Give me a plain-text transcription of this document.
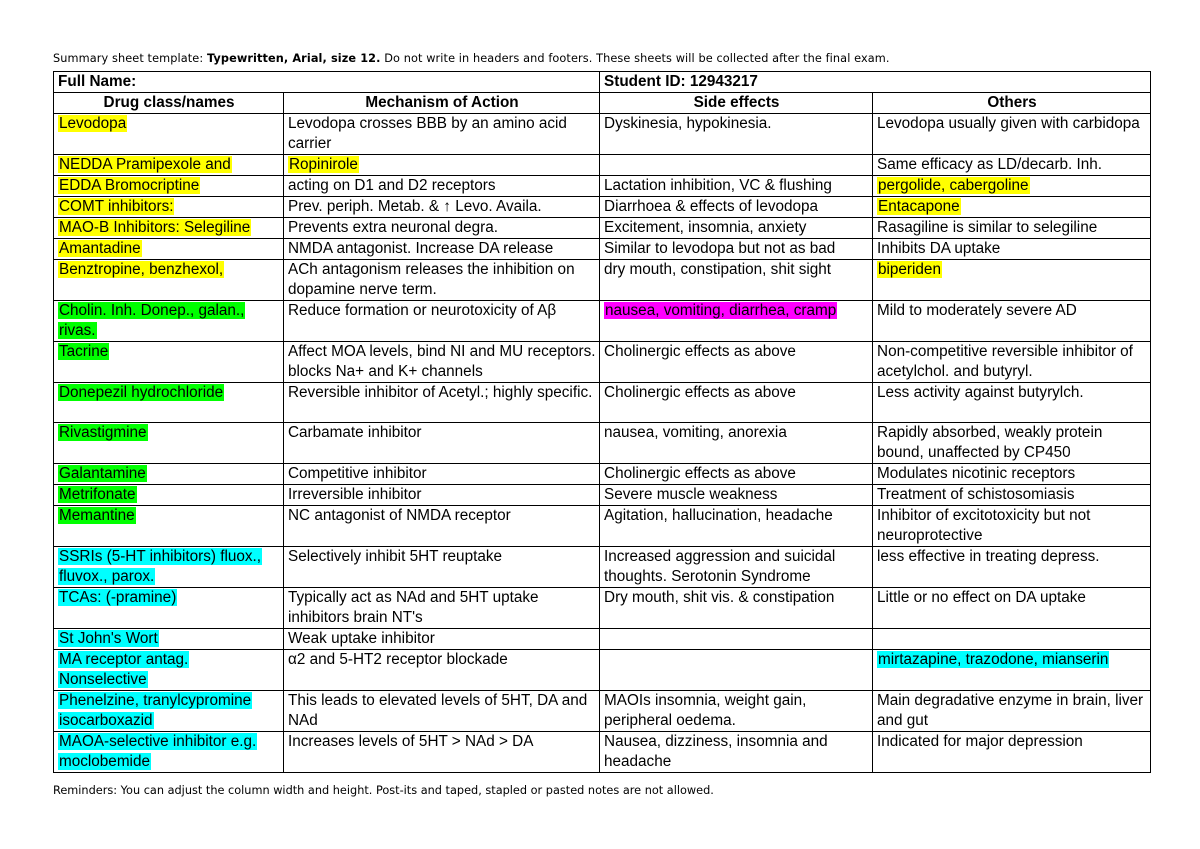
Summary sheet template: Typewritten, Arial, size 12. Do not write in headers and footers. These sheets will be collected after the final exam.
Full Name:		Student ID: 12943217	
Drug class/names	Mechanism of Action	Side effects	Others
Levodopa	Levodopa crosses BBB by an amino acid carrier	Dyskinesia, hypokinesia.	Levodopa usually given with carbidopa
NEDDA Pramipexole and	Ropinirole		Same efficacy as LD/decarb. Inh.
EDDA Bromocriptine	acting on D1 and D2 receptors	Lactation inhibition, VC & flushing	pergolide, cabergoline
COMT inhibitors:	Prev. periph. Metab. & ↑ Levo. Availa.	Diarrhoea & effects of levodopa	Entacapone
MAO-B Inhibitors: Selegiline	Prevents extra neuronal degra.	Excitement, insomnia, anxiety	Rasagiline is similar to selegiline
Amantadine	NMDA antagonist. Increase DA release	Similar to levodopa but not as bad	Inhibits DA uptake
Benztropine, benzhexol,	ACh antagonism releases the inhibition on dopamine nerve term.	dry mouth, constipation, shit sight	biperiden
Cholin. Inh. Donep., galan., rivas.	Reduce formation or neurotoxicity of Aβ	nausea, vomiting, diarrhea, cramp	Mild to moderately severe AD
Tacrine	Affect MOA levels, bind NI and MU receptors. blocks Na+ and K+ channels	Cholinergic effects as above	Non-competitive reversible inhibitor of acetylchol. and butyryl.
Donepezil hydrochloride	Reversible inhibitor of Acetyl.; highly specific.	Cholinergic effects as above	Less activity against butyrylch.
Rivastigmine	Carbamate inhibitor	nausea, vomiting, anorexia	Rapidly absorbed, weakly protein bound, unaffected by CP450
Galantamine	Competitive inhibitor	Cholinergic effects as above	Modulates nicotinic receptors
Metrifonate	Irreversible inhibitor	Severe muscle weakness	Treatment of schistosomiasis
Memantine	NC antagonist of NMDA receptor	Agitation, hallucination, headache	Inhibitor of excitotoxicity but not neuroprotective
SSRIs (5-HT inhibitors) fluox., fluvox., parox.	Selectively inhibit 5HT reuptake	Increased aggression and suicidal thoughts. Serotonin Syndrome	less effective in treating depress.
TCAs: (-pramine)	Typically act as NAd and 5HT uptake inhibitors brain NT's	Dry mouth, shit vis. & constipation	Little or no effect on DA uptake
St John's Wort	Weak uptake inhibitor		
MA receptor antag. Nonselective	α2 and 5-HT2 receptor blockade		mirtazapine, trazodone, mianserin
Phenelzine, tranylcypromine isocarboxazid	This leads to elevated levels of 5HT, DA and NAd	MAOIs insomnia, weight gain, peripheral oedema.	Main degradative enzyme in brain, liver and gut
MAOA-selective inhibitor e.g. moclobemide	Increases levels of 5HT > NAd > DA	Nausea, dizziness, insomnia and headache	Indicated for major depression
Reminders: You can adjust the column width and height. Post-its and taped, stapled or pasted notes are not allowed.
